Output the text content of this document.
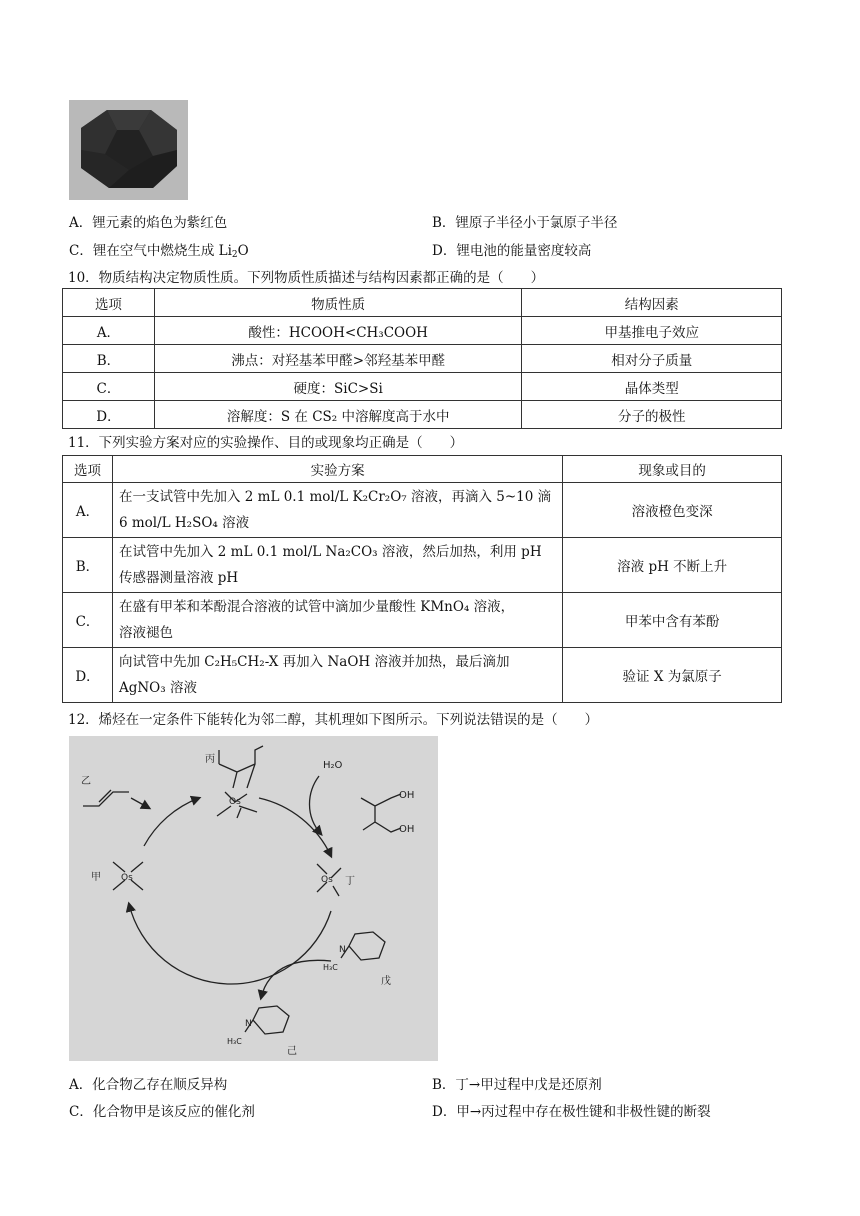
A．锂元素的焰色为紫红色	B．锂原子半径小于氯原子半径
C．锂在空气中燃烧生成 $Li_2O$	D．锂电池的能量密度较高
10．物质结构决定物质性质。下列物质性质描述与结构因素都正确的是（　　）
选项	物质性质	结构因素
A．	酸性：HCOOH<CH₃COOH	甲基推电子效应
B．	沸点：对羟基苯甲醛>邻羟基苯甲醛	相对分子质量
C．	硬度：SiC>Si	晶体类型
D．	溶解度：S 在 CS₂ 中溶解度高于水中	分子的极性
11．下列实验方案对应的实验操作、目的或现象均正确是（　　）
选项	实验方案	现象或目的
A．	在一支试管中先加入 2 mL 0.1 mol/L K₂Cr₂O₇ 溶液，再滴入 5~10 滴
6 mol/L H₂SO₄ 溶液	溶液橙色变深
B．	在试管中先加入 2 mL 0.1 mol/L Na₂CO₃ 溶液，然后加热，利用 pH
传感器测量溶液 pH	溶液 pH 不断上升
C．	在盛有甲苯和苯酚混合溶液的试管中滴加少量酸性 KMnO₄ 溶液，
溶液褪色	甲苯中含有苯酚
D．	向试管中先加 C₂H₅CH₂-X 再加入 NaOH 溶液并加热，最后滴加
AgNO₃ 溶液	验证 X 为氯原子
12．烯烃在一定条件下能转化为邻二醇，其机理如下图所示。下列说法错误的是（　　）
乙
丙
H₂O
OH
OH
Os 丁
Os
甲
Os
戊
己
N
H₃C
N
H₃C
A．化合物乙存在顺反异构	B．丁→甲过程中戊是还原剂
C．化合物甲是该反应的催化剂	D．甲→丙过程中存在极性键和非极性键的断裂
